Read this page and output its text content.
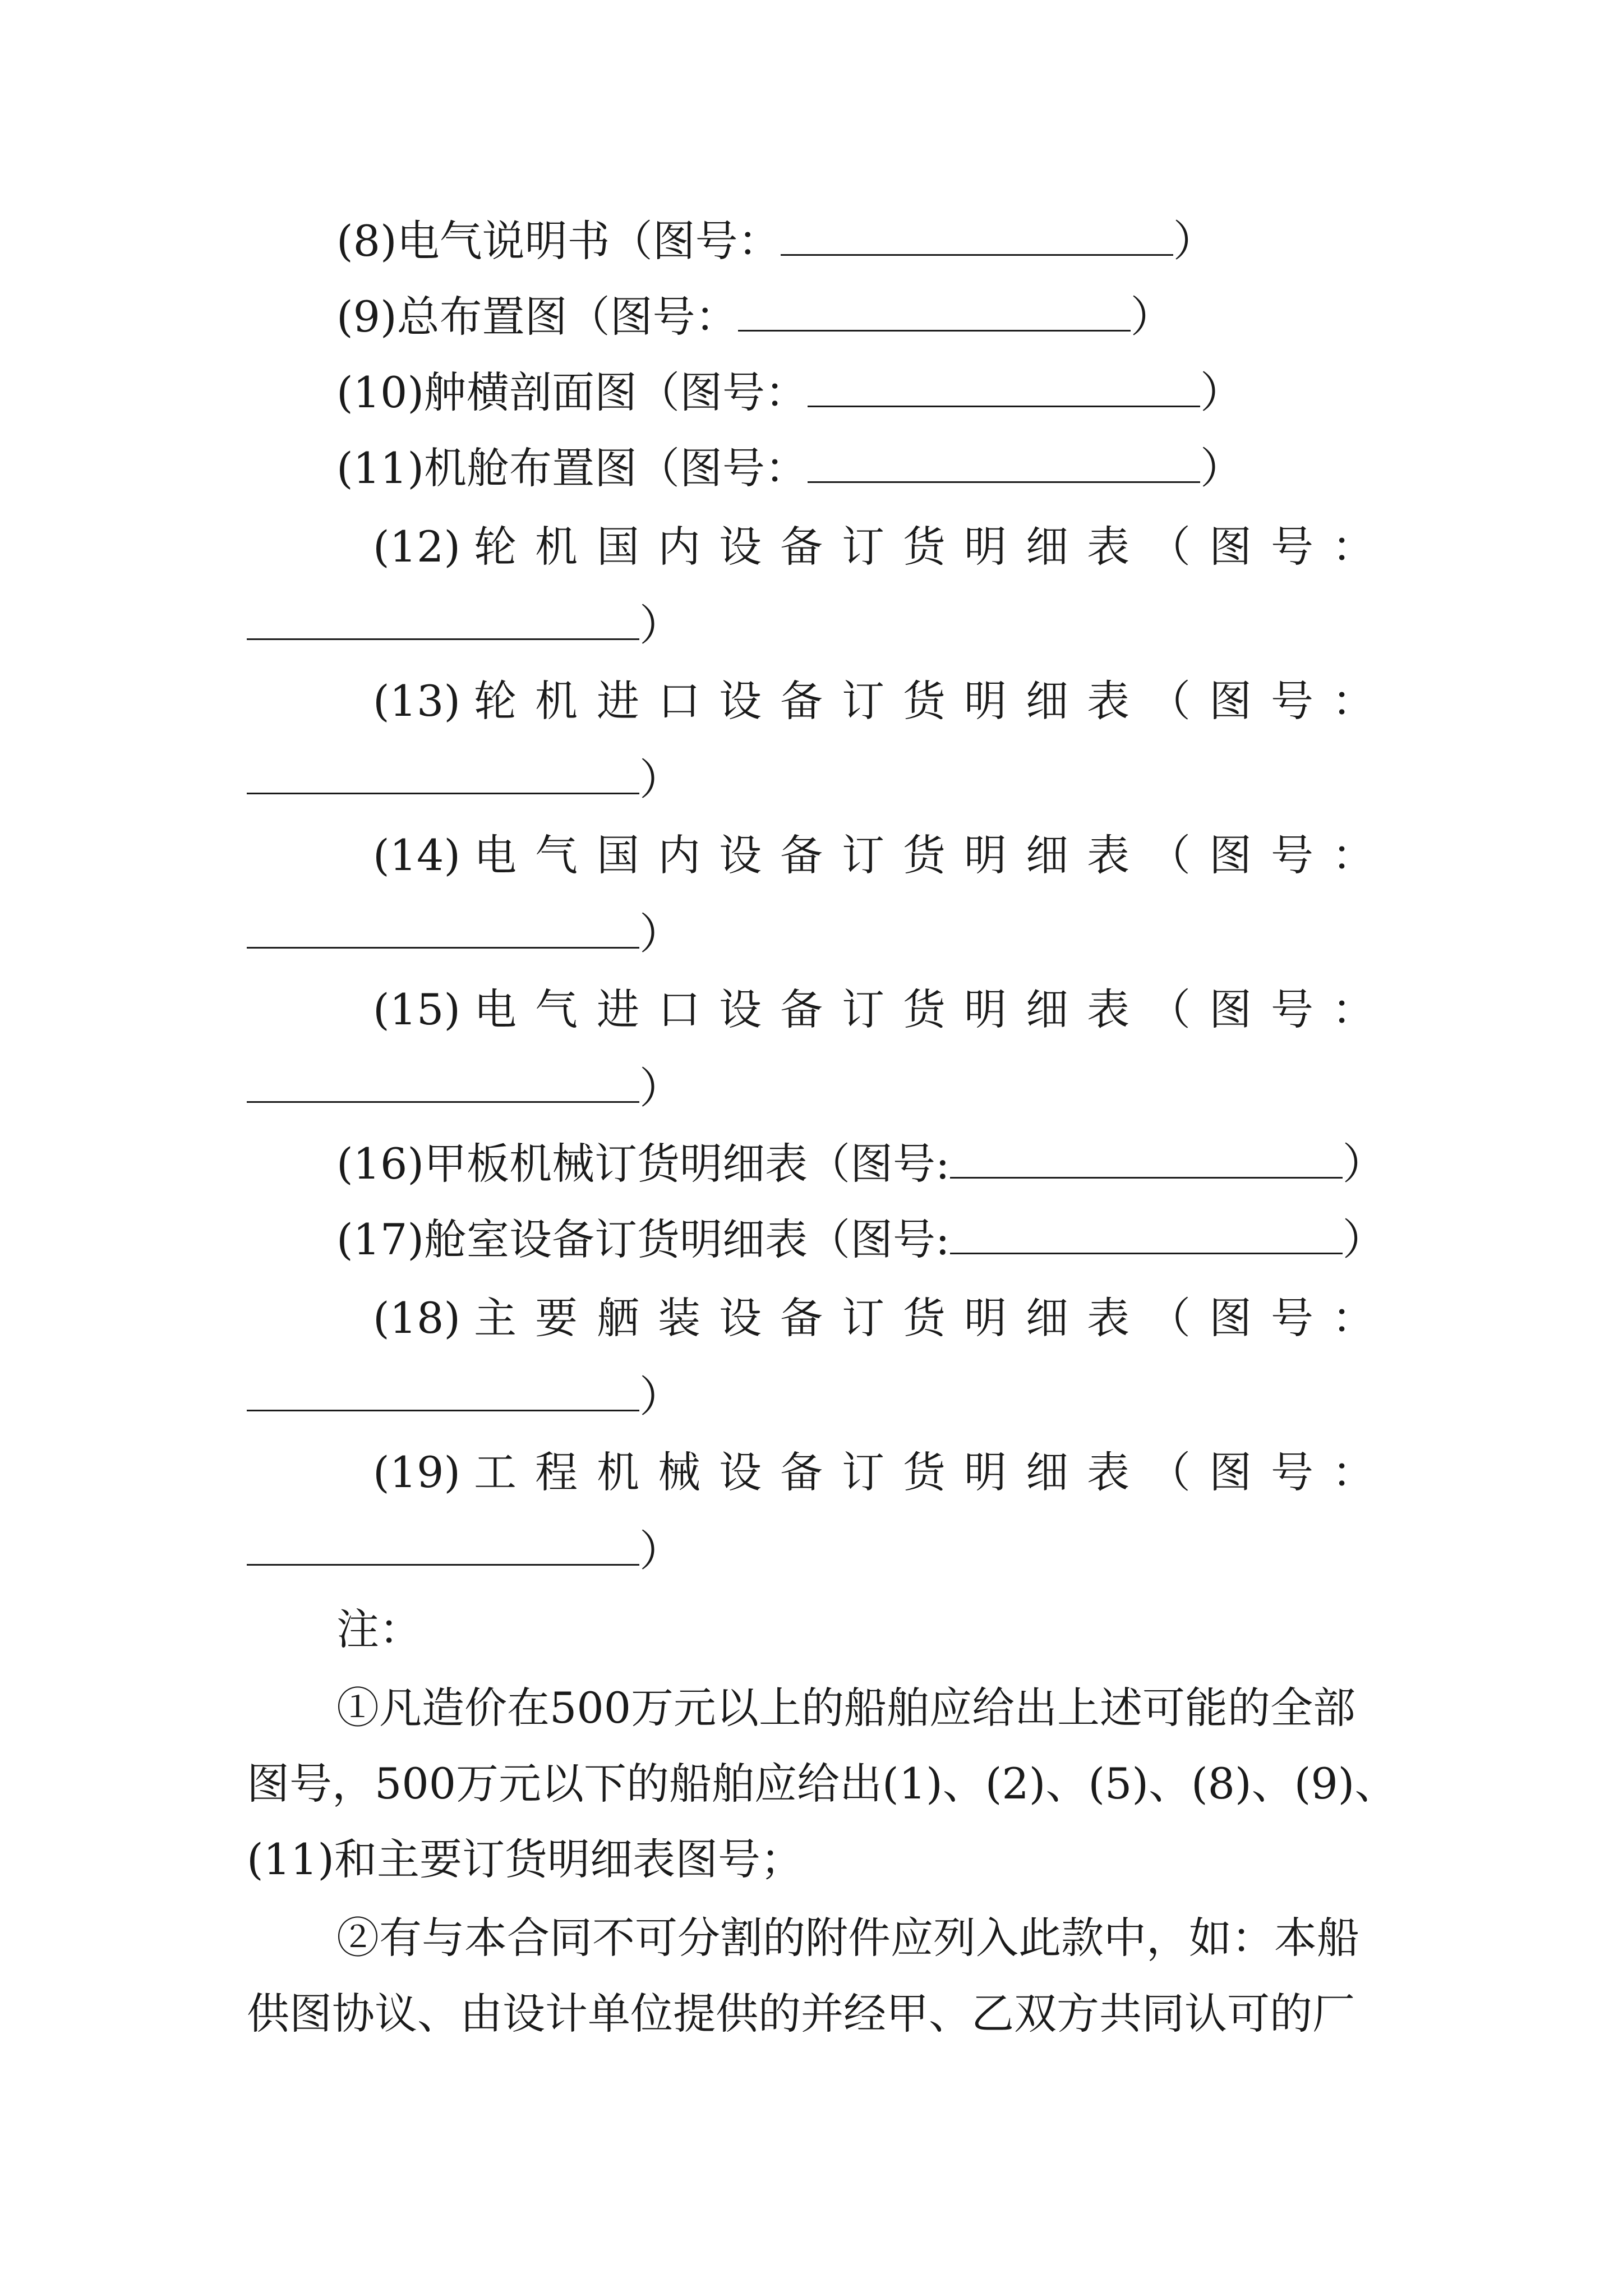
(8)电气说明书（图号：	）
(9)总布置图（图号：	）
(10)舯横剖面图（图号：	）
(11)机舱布置图（图号：	）
(12) 轮 机 国 内 设 备 订 货 明 细 表 （ 图 号 ：
）
(13) 轮 机 进 口 设 备 订 货 明 细 表 （ 图 号 ：
）
(14) 电 气 国 内 设 备 订 货 明 细 表 （ 图 号 ：
）
(15) 电 气 进 口 设 备 订 货 明 细 表 （ 图 号 ：
）
(16)甲板机械订货明细表（图号:	）
(17)舱室设备订货明细表（图号:	）
(18) 主 要 舾 装 设 备 订 货 明 细 表 （ 图 号 ：
）
(19) 工 程 机 械 设 备 订 货 明 细 表 （ 图 号 ：
）
注：
①凡造价在500万元以上的船舶应给出上述可能的全部
图号，500万元以下的船舶应给出(1)、(2)、(5)、(8)、(9)、
(11)和主要订货明细表图号；
②有与本合同不可分割的附件应列入此款中，如：本船
供图协议、由设计单位提供的并经甲、乙双方共同认可的厂
